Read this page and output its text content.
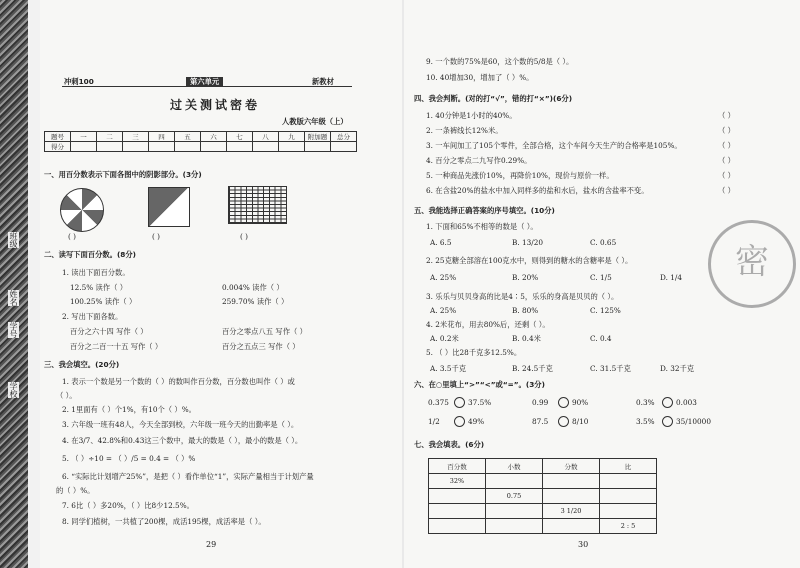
班级
姓名
学号
学校
冲刺100	第六单元	新教材
过关测试密卷
人教版六年级（上）
题号	一	二	三	四	五	六	七	八	九	附加题	总分
得分											
一、用百分数表示下面各图中的阴影部分。(3分)
( )	( )	( )
二、读写下面百分数。(8分)
1. 读出下面百分数。
12.5% 读作（ ）	0.004% 读作（ ）
100.25% 读作（ ）	259.70% 读作（ ）
2. 写出下面各数。
百分之六十四 写作（ ）	百分之零点八五 写作（ ）
百分之二百一十五 写作（ ）	百分之五点三 写作（ ）
三、我会填空。(20分)
1. 表示一个数是另一个数的（ ）的数叫作百分数，百分数也叫作（ ）或
（ ）。
2. 1里面有（ ）个1%，有10个（ ）%。
3. 六年级一班有48人，今天全部到校，六年级一班今天的出勤率是（ ）。
4. 在3/7、42.8%和0.43这三个数中，最大的数是（ ），最小的数是（ ）。
5. （ ）÷10 = （ ）/5 = 0.4 = （ ）%
6. “实际比计划增产25%”，是把（ ）看作单位“1”，实际产量相当于计划产量
的（ ）%。
7. 6比（ ）多20%，（ ）比8少12.5%。
8. 同学们植树，一共植了200棵，成活195棵，成活率是（ ）。
29
9. 一个数的75%是60，这个数的5/8是（ ）。
10. 40增加30，增加了（ ）%。
四、我会判断。(对的打“√”，错的打“×”)(6分)
1. 40分钟是1小时的40%。	（ ）
2. 一条裤线长12%米。	（ ）
3. 一车间加工了105个零件，全部合格，这个车间今天生产的合格率是105%。	（ ）
4. 百分之零点二九写作0.29%。	（ ）
5. 一种商品先涨价10%，再降价10%，现价与原价一样。	（ ）
6. 在含盐20%的盐水中加入同样多的盐和水后，盐水的含盐率不变。	（ ）
五、我能选择正确答案的序号填空。(10分)
1. 下面和65%不相等的数是（ ）。
A. 6.5	B. 13/20	C. 0.65
A. 25%	B. 20%	C. 1/5	D. 1/4
A. 25%	B. 80%	C. 125%
A. 0.2米	B. 0.4米	C. 0.4
A. 3.5千克	B. 24.5千克	C. 31.5千克	D. 32千克
2. 25克糖全部溶在100克水中，则得到的糖水的含糖率是（ ）。
3. 乐乐与贝贝身高的比是4∶5，乐乐的身高是贝贝的（ ）。
4. 2米花布，用去80%后，还剩（ ）。
5. （ ）比28千克多12.5%。
六、在○里填上“>”“<”或“=”。(3分)
0.375	37.5%	0.99	90%	0.3%	0.003
1/2	49%	87.5	8/10	3.5%	35/10000
七、我会填表。(6分)
百分数	小数	分数	比
32%			
	0.75		
		3 1/20	
			2 : 5
密
30
